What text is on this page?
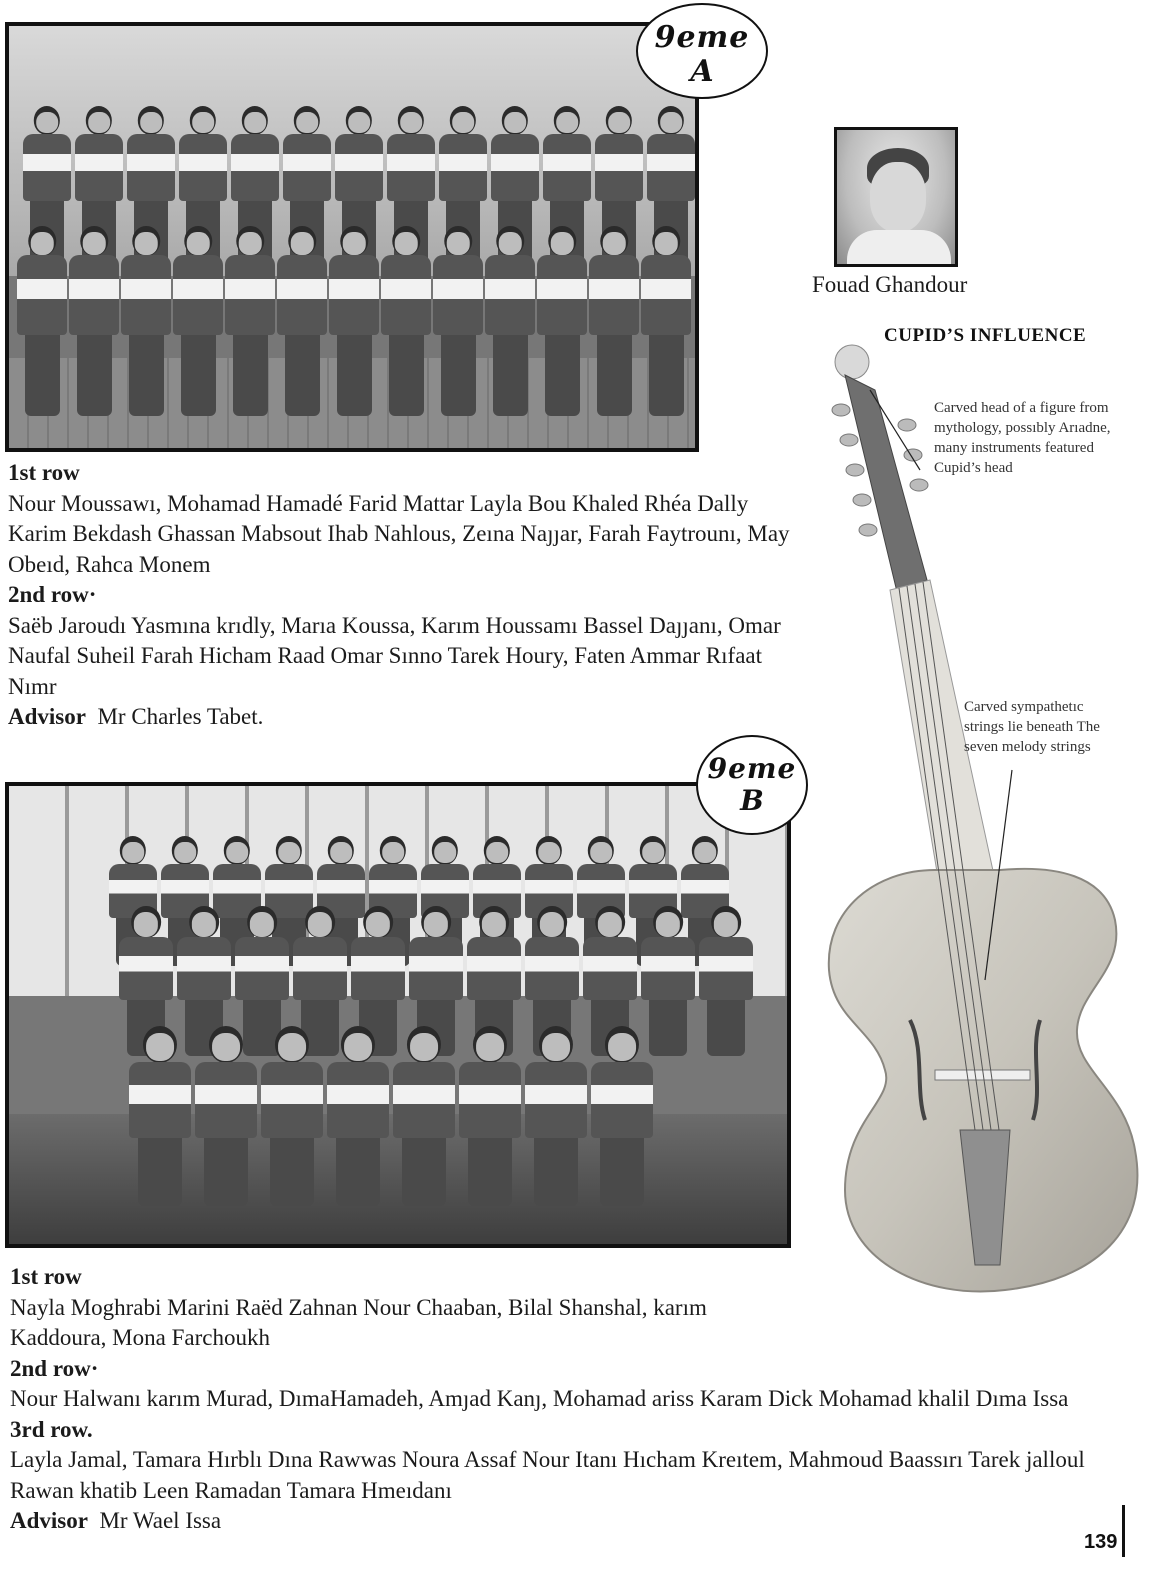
9eme
A
1st row
Nour Moussawı, Mohamad Hamadé Farid Mattar Layla Bou Khaled Rhéa Dally Karim Bekdash Ghassan Mabsout Ihab Nahlous, Zeına Naȷȷar, Farah Faytrounı, May Obeıd, Rahca Monem
2nd row·
Saëb Jaroudı Yasmına krıdly, Marıa Koussa, Karım Houssamı Bassel Daȷȷanı, Omar Naufal Suheil Farah Hicham Raad Omar Sınno Tarek Houry, Faten Ammar Rıfaat Nımr
Advisor Mr Charles Tabet.
Fouad Ghandour
CUPID’S INFLUENCE
Carved head of a figure from mythology, possıbly Arıadne, many instruments featured Cupid’s head
Carved sympathetıc strings lie beneath The seven melody strings
9eme
B
1st row
Nayla Moghrabi Marini Raëd Zahnan Nour Chaaban, Bilal Shanshal, karım Kaddoura, Mona Farchoukh
2nd row·
Nour Halwanı karım Murad, DımaHamadeh, Amȷad Kanȷ, Mohamad ariss Karam Dick Mohamad khalil Dıma Issa
3rd row.
Layla Jamal, Tamara Hırblı Dına Rawwas Noura Assaf Nour Itanı Hıcham Kreıtem, Mahmoud Baassırı Tarek jalloul Rawan khatib Leen Ramadan Tamara Hmeıdanı
Advisor Mr Wael Issa
139
